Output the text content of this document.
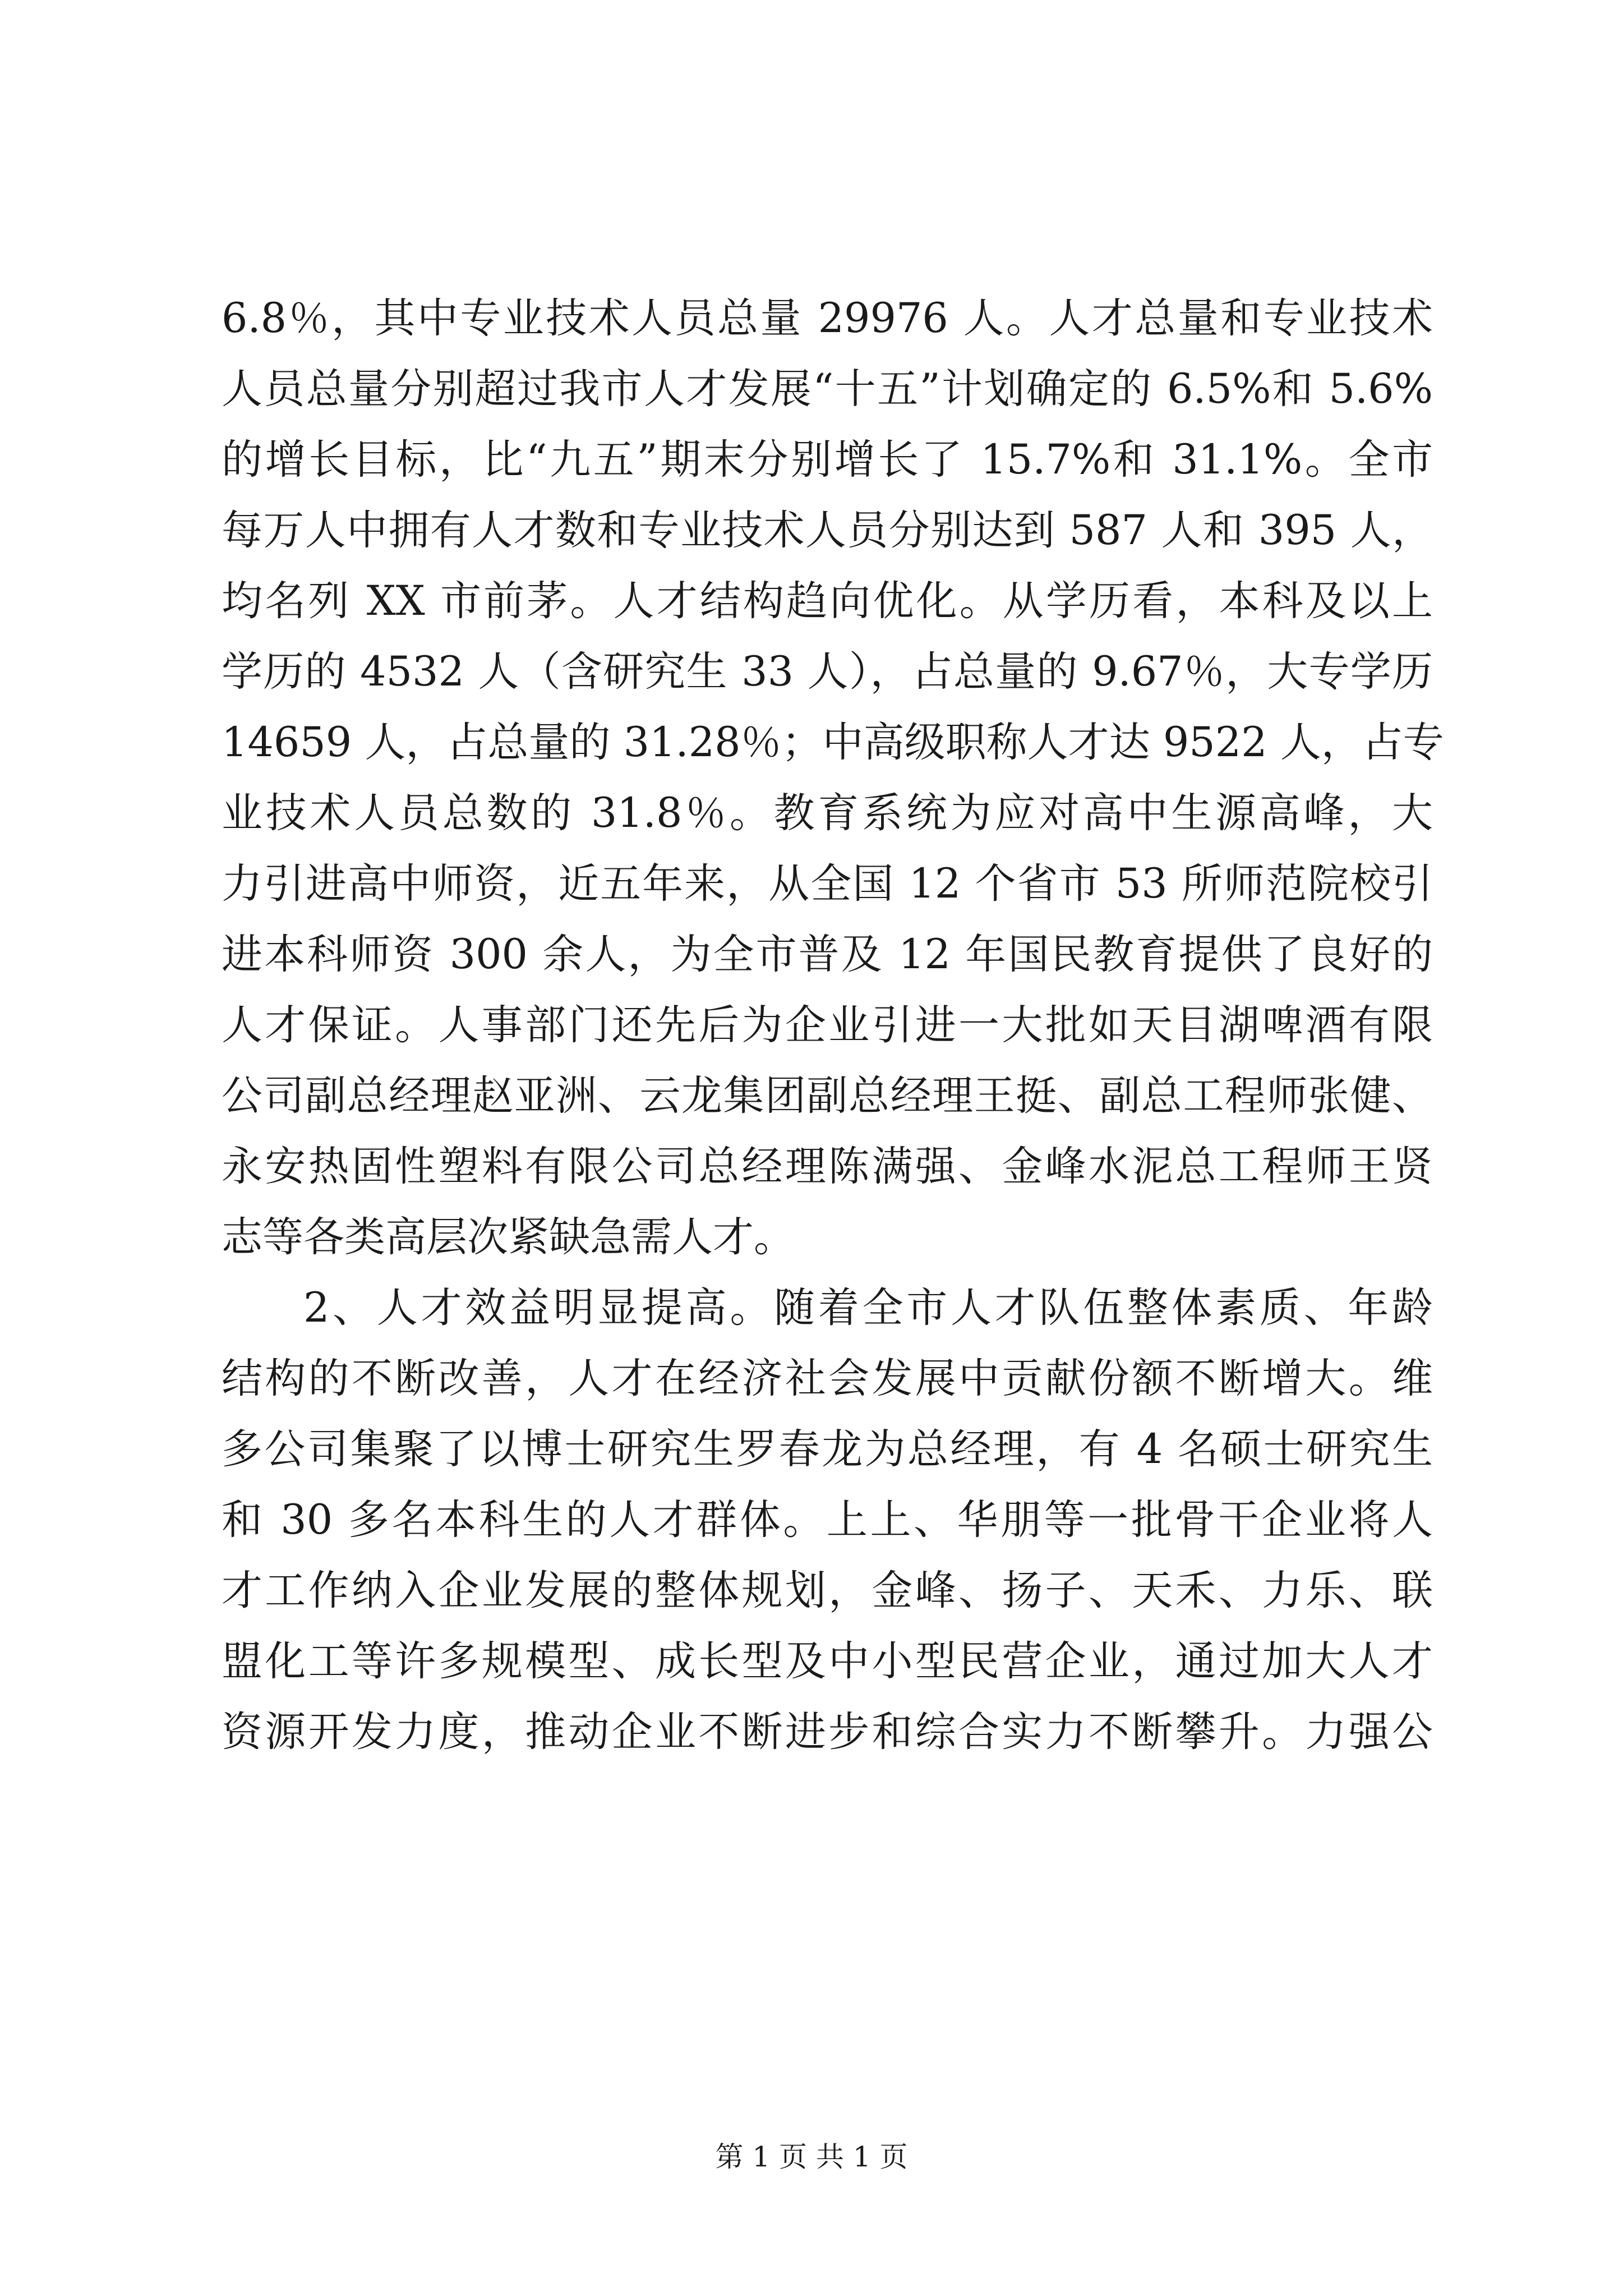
6.8％，其中专业技术人员总量 29976 人。人才总量和专业技术
人员总量分别超过我市人才发展“十五”计划确定的 6.5%和 5.6%
的增长目标，比“九五”期末分别增长了 15.7%和 31.1%。全市
每万人中拥有人才数和专业技术人员分别达到 587 人和 395 人，
均名列 XX 市前茅。人才结构趋向优化。从学历看，本科及以上
学历的 4532 人（含研究生 33 人），占总量的 9.67％，大专学历
14659 人，占总量的 31.28％；中高级职称人才达 9522 人，占专
业技术人员总数的 31.8％。教育系统为应对高中生源高峰，大
力引进高中师资，近五年来，从全国 12 个省市 53 所师范院校引
进本科师资 300 余人，为全市普及 12 年国民教育提供了良好的
人才保证。人事部门还先后为企业引进一大批如天目湖啤酒有限
公司副总经理赵亚洲、云龙集团副总经理王挺、副总工程师张健、
永安热固性塑料有限公司总经理陈满强、金峰水泥总工程师王贤
志等各类高层次紧缺急需人才。

2、人才效益明显提高。随着全市人才队伍整体素质、年龄
结构的不断改善，人才在经济社会发展中贡献份额不断增大。维
多公司集聚了以博士研究生罗春龙为总经理，有 4 名硕士研究生
和 30 多名本科生的人才群体。上上、华朋等一批骨干企业将人
才工作纳入企业发展的整体规划，金峰、扬子、天禾、力乐、联
盟化工等许多规模型、成长型及中小型民营企业，通过加大人才
资源开发力度，推动企业不断进步和综合实力不断攀升。力强公

第 1 页 共 1 页
